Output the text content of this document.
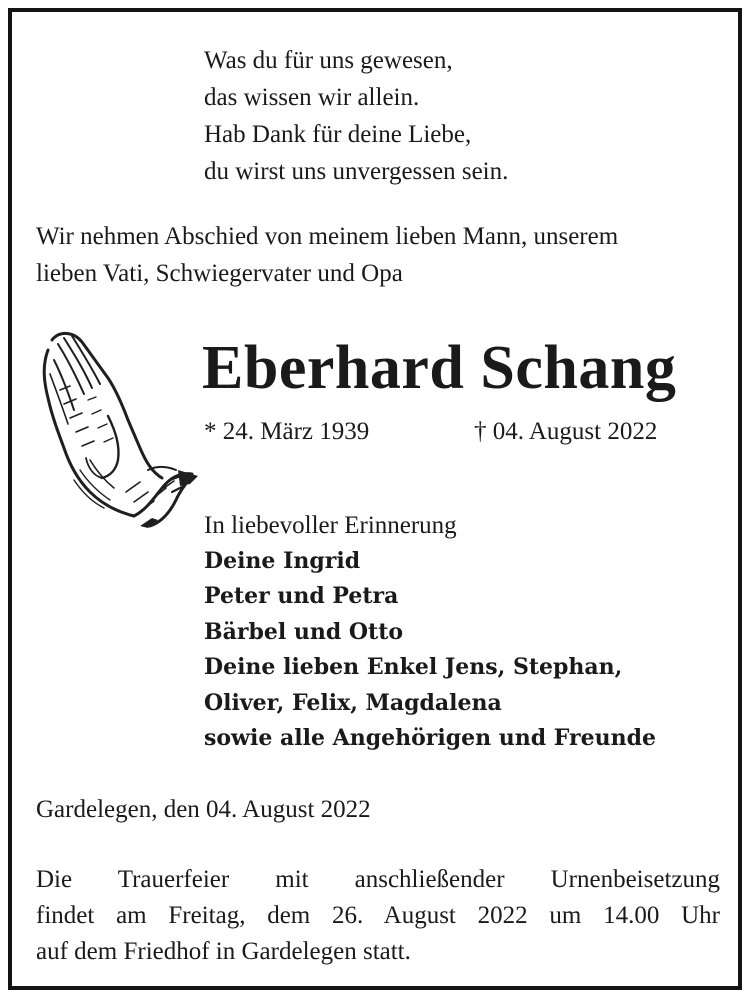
Was du für uns gewesen,
das wissen wir allein.
Hab Dank für deine Liebe,
du wirst uns unvergessen sein.
Wir nehmen Abschied von meinem lieben Mann, unserem
lieben Vati, Schwiegervater und Opa
Eberhard Schang
* 24. März 1939	† 04. August 2022
In liebevoller Erinnerung
Deine Ingrid
Peter und Petra
Bärbel und Otto
Deine lieben Enkel Jens, Stephan,
Oliver, Felix, Magdalena
sowie alle Angehörigen und Freunde
Gardelegen, den 04. August 2022
Die Trauerfeier mit anschließender Urnenbeisetzung
findet am Freitag, dem 26. August 2022 um 14.00 Uhr
auf dem Friedhof in Gardelegen statt.
